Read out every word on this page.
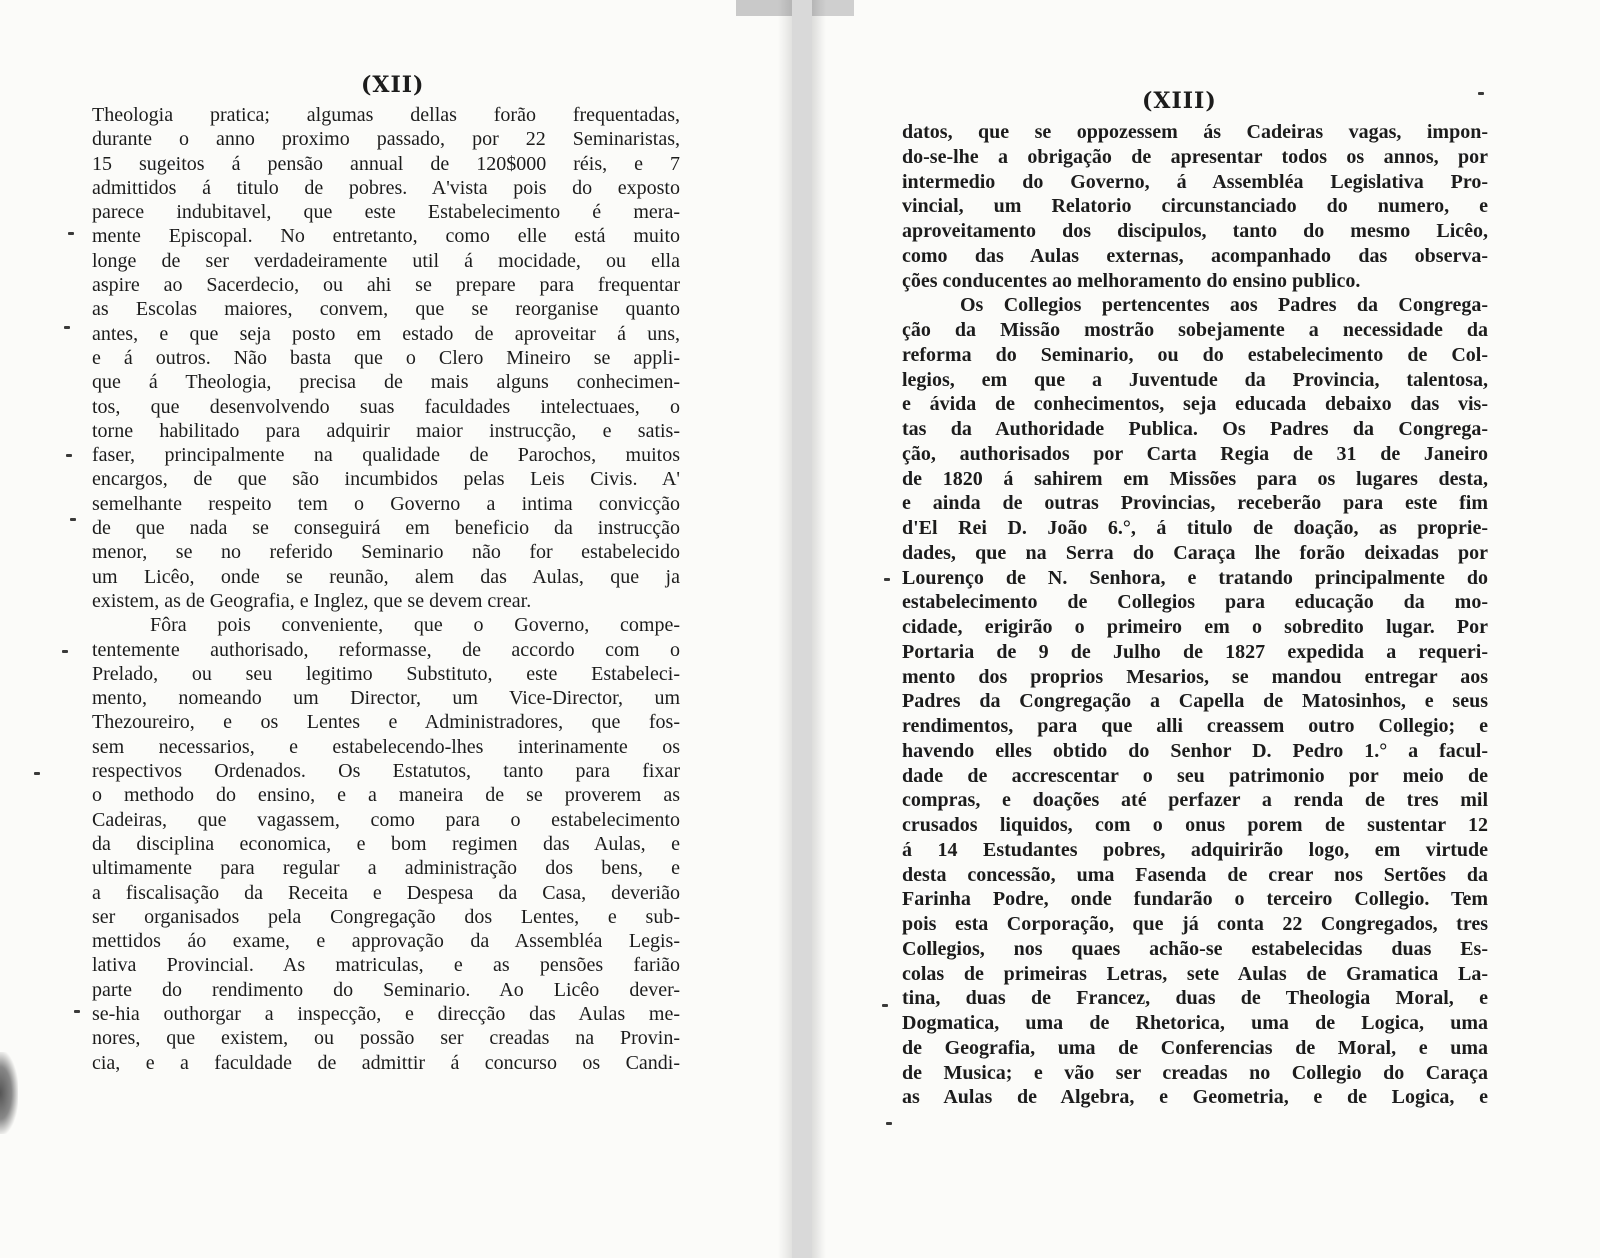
(XII)
Theologia pratica; algumas dellas forão frequentadas,
durante o anno proximo passado, por 22 Seminaristas,
15 sugeitos á pensão annual de 120$000 réis, e 7
admittidos á titulo de pobres. A'vista pois do exposto
parece indubitavel, que este Estabelecimento é mera-
mente Episcopal. No entretanto, como elle está muito
longe de ser verdadeiramente util á mocidade, ou ella
aspire ao Sacerdecio, ou ahi se prepare para frequentar
as Escolas maiores, convem, que se reorganise quanto
antes, e que seja posto em estado de aproveitar á uns,
e á outros. Não basta que o Clero Mineiro se appli-
que á Theologia, precisa de mais alguns conhecimen-
tos, que desenvolvendo suas faculdades intelectuaes, o
torne habilitado para adquirir maior instrucção, e satis-
faser, principalmente na qualidade de Parochos, muitos
encargos, de que são incumbidos pelas Leis Civis. A'
semelhante respeito tem o Governo a intima convicção
de que nada se conseguirá em beneficio da instrucção
menor, se no referido Seminario não for estabelecido
um Licêo, onde se reunão, alem das Aulas, que ja
existem, as de Geografia, e Inglez, que se devem crear.
Fôra pois conveniente, que o Governo, compe-
tentemente authorisado, reformasse, de accordo com o
Prelado, ou seu legitimo Substituto, este Estabeleci-
mento, nomeando um Director, um Vice-Director, um
Thezoureiro, e os Lentes e Administradores, que fos-
sem necessarios, e estabelecendo-lhes interinamente os
respectivos Ordenados. Os Estatutos, tanto para fixar
o methodo do ensino, e a maneira de se proverem as
Cadeiras, que vagassem, como para o estabelecimento
da disciplina economica, e bom regimen das Aulas, e
ultimamente para regular a administração dos bens, e
a fiscalisação da Receita e Despesa da Casa, deverião
ser organisados pela Congregação dos Lentes, e sub-
mettidos áo exame, e approvação da Assembléa Legis-
lativa Provincial. As matriculas, e as pensões farião
parte do rendimento do Seminario. Ao Licêo dever-
se-hia outhorgar a inspecção, e direcção das Aulas me-
nores, que existem, ou possão ser creadas na Provin-
cia, e a faculdade de admittir á concurso os Candi-
(XIII)
datos, que se oppozessem ás Cadeiras vagas, impon-
do-se-lhe a obrigação de apresentar todos os annos, por
intermedio do Governo, á Assembléa Legislativa Pro-
vincial, um Relatorio circunstanciado do numero, e
aproveitamento dos discipulos, tanto do mesmo Licêo,
como das Aulas externas, acompanhado das observa-
ções conducentes ao melhoramento do ensino publico.
Os Collegios pertencentes aos Padres da Congrega-
ção da Missão mostrão sobejamente a necessidade da
reforma do Seminario, ou do estabelecimento de Col-
legios, em que a Juventude da Provincia, talentosa,
e ávida de conhecimentos, seja educada debaixo das vis-
tas da Authoridade Publica. Os Padres da Congrega-
ção, authorisados por Carta Regia de 31 de Janeiro
de 1820 á sahirem em Missões para os lugares desta,
e ainda de outras Provincias, receberão para este fim
d'El Rei D. João 6.°, á titulo de doação, as proprie-
dades, que na Serra do Caraça lhe forão deixadas por
Lourenço de N. Senhora, e tratando principalmente do
estabelecimento de Collegios para educação da mo-
cidade, erigirão o primeiro em o sobredito lugar. Por
Portaria de 9 de Julho de 1827 expedida a requeri-
mento dos proprios Mesarios, se mandou entregar aos
Padres da Congregação a Capella de Matosinhos, e seus
rendimentos, para que alli creassem outro Collegio; e
havendo elles obtido do Senhor D. Pedro 1.° a facul-
dade de accrescentar o seu patrimonio por meio de
compras, e doações até perfazer a renda de tres mil
crusados liquidos, com o onus porem de sustentar 12
á 14 Estudantes pobres, adquirirão logo, em virtude
desta concessão, uma Fasenda de crear nos Sertões da
Farinha Podre, onde fundarão o terceiro Collegio. Tem
pois esta Corporação, que já conta 22 Congregados, tres
Collegios, nos quaes achão-se estabelecidas duas Es-
colas de primeiras Letras, sete Aulas de Gramatica La-
tina, duas de Francez, duas de Theologia Moral, e
Dogmatica, uma de Rhetorica, uma de Logica, uma
de Geografia, uma de Conferencias de Moral, e uma
de Musica; e vão ser creadas no Collegio do Caraça
as Aulas de Algebra, e Geometria, e de Logica, e
